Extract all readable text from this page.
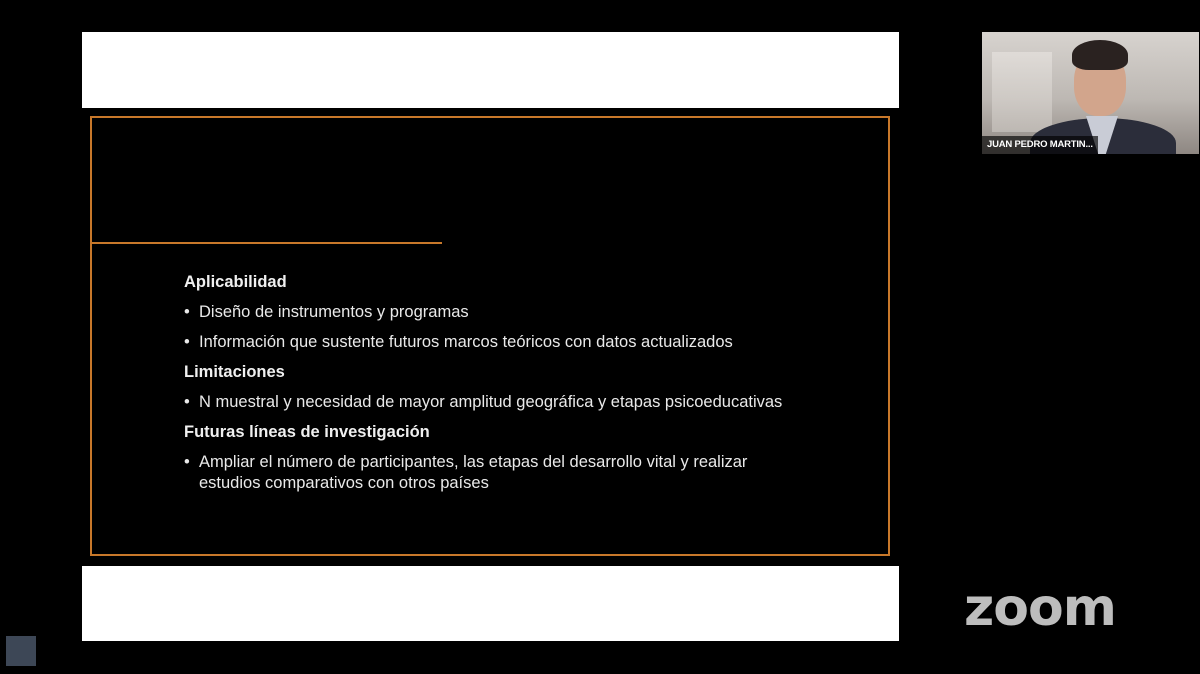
Aplicabilidad
• Diseño de instrumentos y programas
• Información que sustente futuros marcos teóricos con datos actualizados
Limitaciones
• N muestral y necesidad de mayor amplitud geográfica y etapas psicoeducativas
Futuras líneas de investigación
• Ampliar el número de participantes, las etapas del desarrollo vital y realizar estudios comparativos con otros países
JUAN PEDRO MARTIN...
zoom
